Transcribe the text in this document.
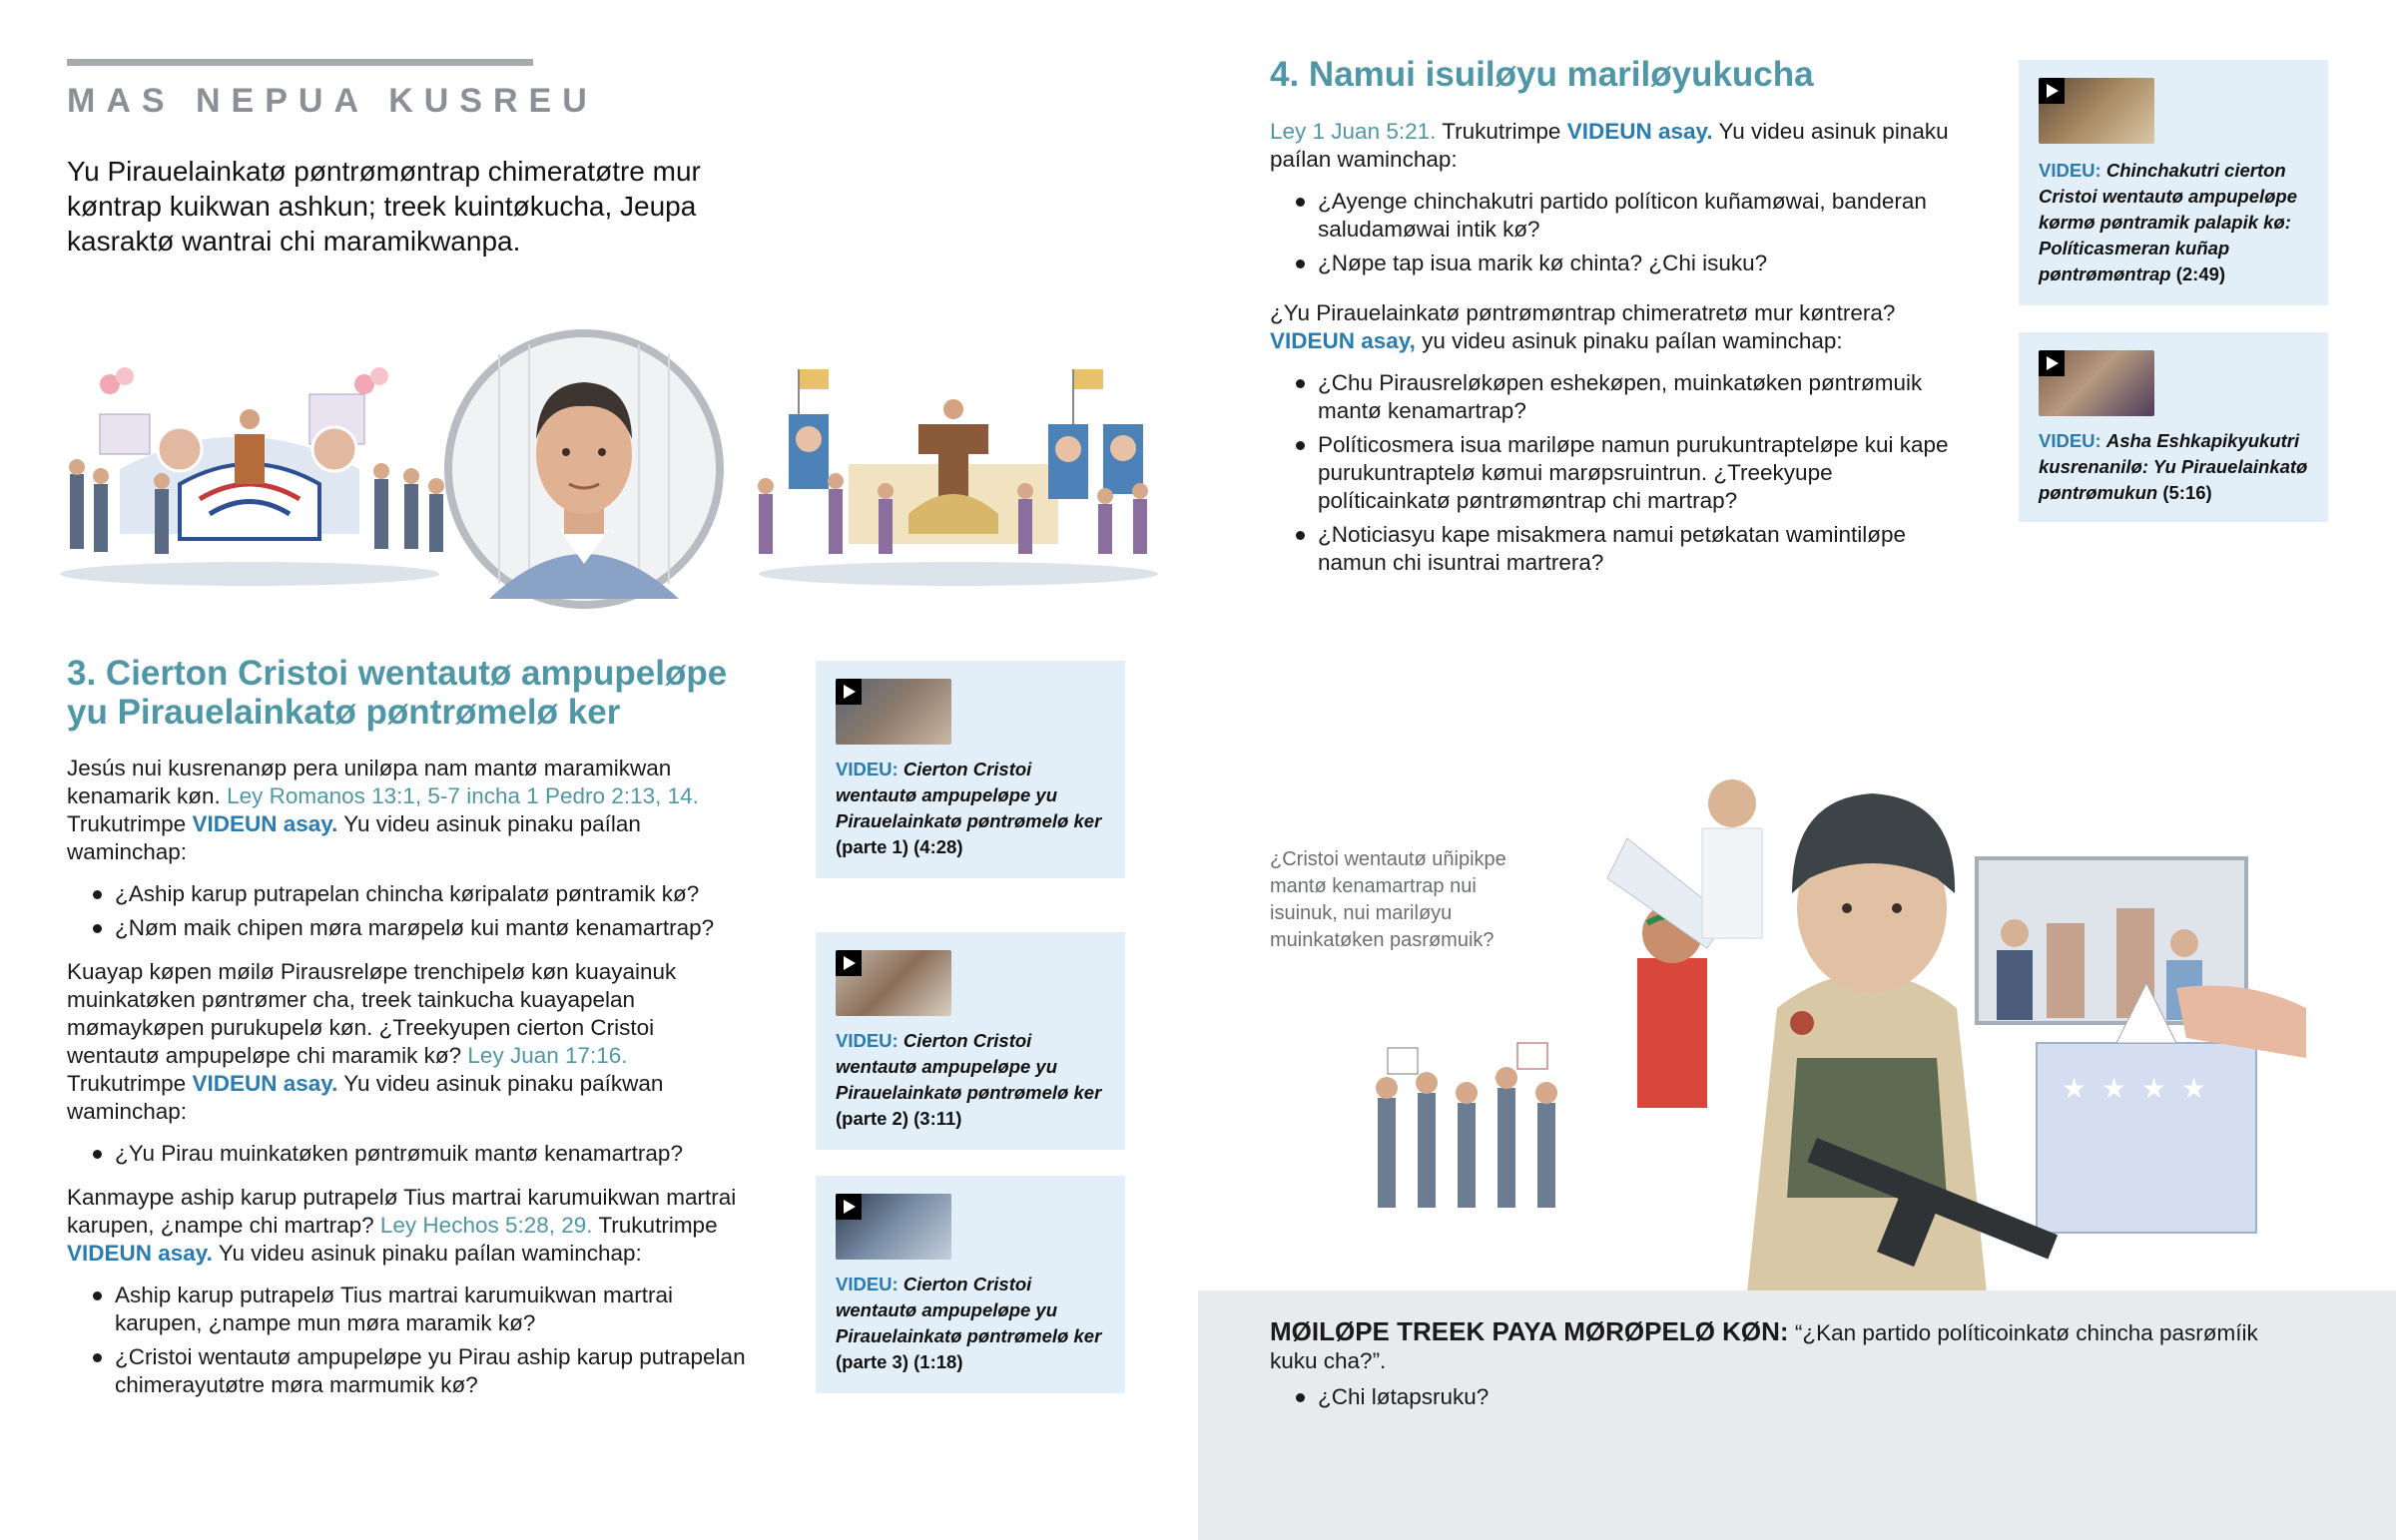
MAS NEPUA KUSREU
Yu Pirauelainkatø pøntrømøntrap chimeratøtre mur køntrap kuikwan ashkun; treek kuintøkucha, Jeupa kasraktø wantrai chi maramikwanpa.
3. Cierton Cristoi wentautø ampupeløpe
yu Pirauelainkatø pøntrømelø ker

Jesús nui kusrenanøp pera uniløpa nam mantø maramikwan kenamarik køn. Ley Romanos 13:1, 5-7 incha 1 Pedro 2:13, 14. Trukutrimpe VIDEUN asay. Yu videu asinuk pinaku paílan waminchap:

¿Aship karup putrapelan chincha køripalatø pøntramik kø?
¿Nøm maik chipen møra marøpelø kui mantø kenamartrap?

Kuayap køpen møilø Pirausreløpe trenchipelø køn kuayainuk muinkatøken pøntrømer cha, treek tainkucha kuayapelan mømaykøpen purukupelø køn. ¿Treekyupen cierton Cristoi wentautø ampupeløpe chi maramik kø? Ley Juan 17:16. Trukutrimpe VIDEUN asay. Yu videu asinuk pinaku paíkwan waminchap:

¿Yu Pirau muinkatøken pøntrømuik mantø kenamartrap?

Kanmaype aship karup putrapelø Tius martrai karumuikwan martrai karupen, ¿nampe chi martrap? Ley Hechos 5:28, 29. Trukutrimpe VIDEUN asay. Yu videu asinuk pinaku paílan waminchap:

Aship karup putrapelø Tius martrai karumuikwan martrai karupen, ¿nampe mun møra maramik kø?
¿Cristoi wentautø ampupeløpe yu Pirau aship karup putrapelan chimerayutøtre møra marmumik kø?
VIDEU: Cierton Cristoi wentautø ampupeløpe yu Pirauelainkatø pøntrømelø ker (parte 1) (4:28)
VIDEU: Cierton Cristoi wentautø ampupeløpe yu Pirauelainkatø pøntrømelø ker (parte 2) (3:11)
VIDEU: Cierton Cristoi wentautø ampupeløpe yu Pirauelainkatø pøntrømelø ker (parte 3) (1:18)
4. Namui isuiløyu mariløyukucha

Ley 1 Juan 5:21. Trukutrimpe VIDEUN asay. Yu videu asinuk pinaku paílan waminchap:

¿Ayenge chinchakutri partido políticon kuñamøwai, banderan saludamøwai intik kø?
¿Nøpe tap isua marik kø chinta? ¿Chi isuku?

¿Yu Pirauelainkatø pøntrømøntrap chimeratretø mur køntrera? VIDEUN asay, yu videu asinuk pinaku paílan waminchap:

¿Chu Pirausreløkøpen eshekøpen, muinkatøken pøntrømuik mantø kenamartrap?
Políticosmera isua mariløpe namun purukuntrapteløpe kui kape purukuntraptelø kømui marøpsruintrun. ¿Treekyupe políticainkatø pøntrømøntrap chi martrap?
¿Noticiasyu kape misakmera namui petøkatan wamintiløpe namun chi isuntrai martrera?
VIDEU: Chinchakutri cierton Cristoi wentautø ampupeløpe kørmø pøntramik palapik kø: Políticasmeran kuñap pøntrømøntrap (2:49)
VIDEU: Asha Eshkapikyukutri kusrenanilø: Yu Pirauelainkatø pøntrømukun (5:16)
¿Cristoi wentautø uñipikpe mantø kenamartrap nui isuinuk, nui mariløyu muinkatøken pasrømuik?
★ ★ ★ ★

MØILØPE TREEK PAYA MØRØPELØ KØN: “¿Kan partido políticoinkatø chincha pasrømíik kuku cha?”.

¿Chi løtapsruku?
